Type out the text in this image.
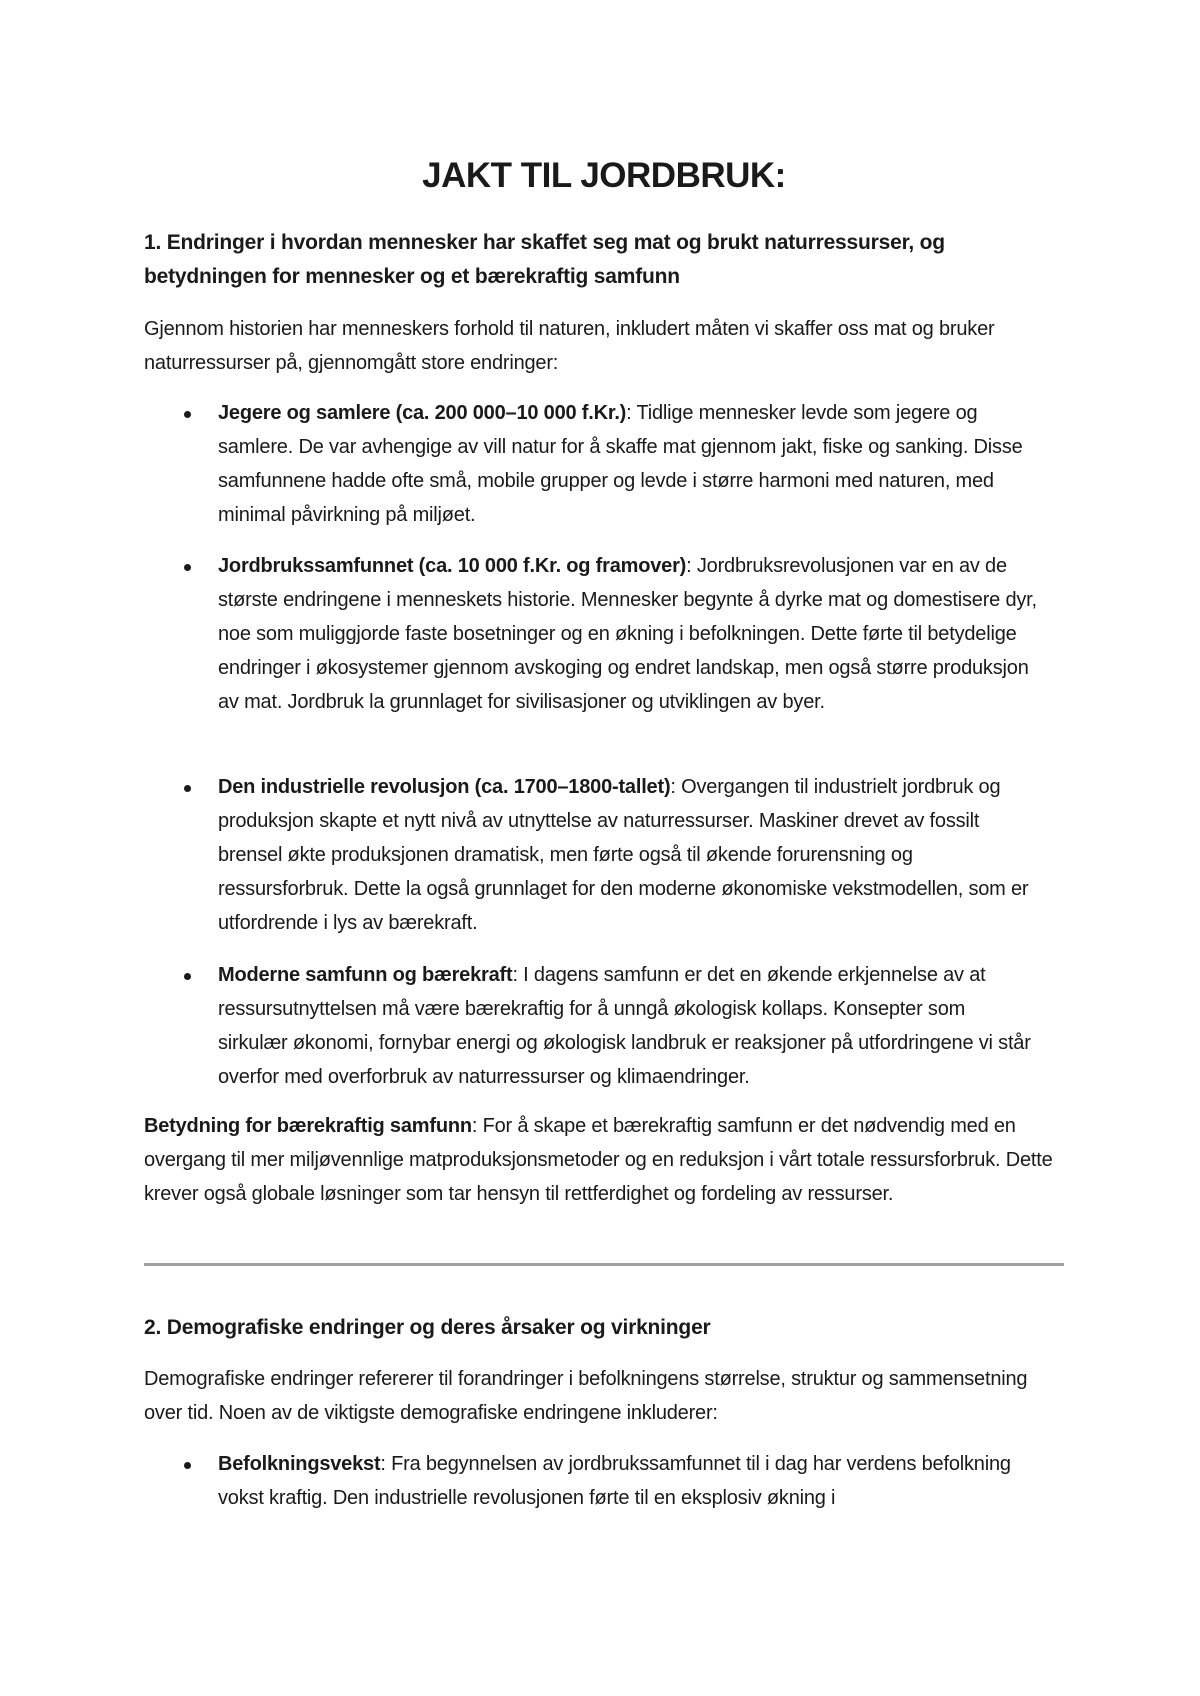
JAKT TIL JORDBRUK:
1. Endringer i hvordan mennesker har skaffet seg mat og brukt naturressurser, og betydningen for mennesker og et bærekraftig samfunn

Gjennom historien har menneskers forhold til naturen, inkludert måten vi skaffer oss mat og bruker naturressurser på, gjennomgått store endringer:

Jegere og samlere (ca. 200 000–10 000 f.Kr.): Tidlige mennesker levde som jegere og samlere. De var avhengige av vill natur for å skaffe mat gjennom jakt, fiske og sanking. Disse samfunnene hadde ofte små, mobile grupper og levde i større harmoni med naturen, med minimal påvirkning på miljøet.

Jordbrukssamfunnet (ca. 10 000 f.Kr. og framover): Jordbruksrevolusjonen var en av de største endringene i menneskets historie. Mennesker begynte å dyrke mat og domestisere dyr, noe som muliggjorde faste bosetninger og en økning i befolkningen. Dette førte til betydelige endringer i økosystemer gjennom avskoging og endret landskap, men også større produksjon av mat. Jordbruk la grunnlaget for sivilisasjoner og utviklingen av byer.

Den industrielle revolusjon (ca. 1700–1800-tallet): Overgangen til industrielt jordbruk og produksjon skapte et nytt nivå av utnyttelse av naturressurser. Maskiner drevet av fossilt brensel økte produksjonen dramatisk, men førte også til økende forurensning og ressursforbruk. Dette la også grunnlaget for den moderne økonomiske vekstmodellen, som er utfordrende i lys av bærekraft.

Moderne samfunn og bærekraft: I dagens samfunn er det en økende erkjennelse av at ressursutnyttelsen må være bærekraftig for å unngå økologisk kollaps. Konsepter som sirkulær økonomi, fornybar energi og økologisk landbruk er reaksjoner på utfordringene vi står overfor med overforbruk av naturressurser og klimaendringer.

Betydning for bærekraftig samfunn: For å skape et bærekraftig samfunn er det nødvendig med en overgang til mer miljøvennlige matproduksjonsmetoder og en reduksjon i vårt totale ressursforbruk. Dette krever også globale løsninger som tar hensyn til rettferdighet og fordeling av ressurser.

2. Demografiske endringer og deres årsaker og virkninger

Demografiske endringer refererer til forandringer i befolkningens størrelse, struktur og sammensetning over tid. Noen av de viktigste demografiske endringene inkluderer:

Befolkningsvekst: Fra begynnelsen av jordbrukssamfunnet til i dag har verdens befolkning vokst kraftig. Den industrielle revolusjonen førte til en eksplosiv økning i
